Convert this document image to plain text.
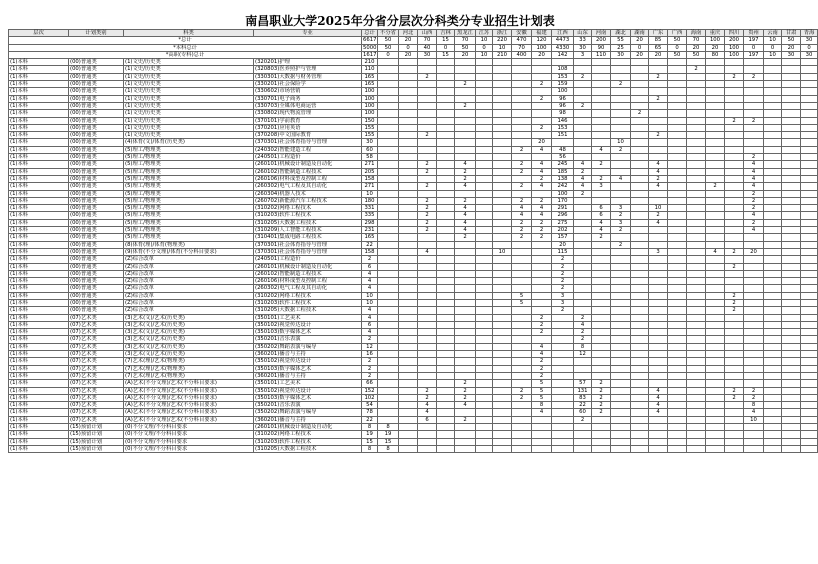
南昌职业大学2025年分省分层次分科类分专业招生计划表
层次	计划类别	科类	专业	总计	不分省	河北	山西	吉林	黑龙江	江苏	浙江	安徽	福建	江西	山东	河南	湖北	湖南	广东	广西	海南	重庆	四川	贵州	云南	甘肃	青海
*总计				6617	50	20	70	15	70	10	220	470	120	4473	33	200	55	20	85	50	70	100	200	197	10	50	30
*本科总计				5000	50	0	40	0	50	0	10	70	100	4330	30	90	25	0	65	0	20	20	100	0	0	20	0
*高职(专科)总计				1617	0	20	30	15	20	10	210	400	20	142	3	110	30	20	20	50	50	80	100	197	10	30	30
(1)本科	(00)普通类	(1)文史/历史类	(320201)护理	210																							
(1)本科	(00)普通类	(1)文史/历史类	(320803)医养照护与管理	110										108							2						
(1)本科	(00)普通类	(1)文史/历史类	(330301)大数据与财务管理	165			2							153	2				2				2	2			
(1)本科	(00)普通类	(1)文史/历史类	(330201)社会保险学	165					2				2	159			2										
(1)本科	(00)普通类	(1)文史/历史类	(330602)市场营销	100										100													
(1)本科	(00)普通类	(1)文史/历史类	(330701)电子商务	100									2	96					2								
(1)本科	(00)普通类	(1)文史/历史类	(330703)全媒体电商运营	100					2					96	2												
(1)本科	(00)普通类	(1)文史/历史类	(330802)现代物流管理	100										98				2									
(1)本科	(00)普通类	(1)文史/历史类	(370101)学前教育	150										146									2	2			
(1)本科	(00)普通类	(1)文史/历史类	(370201)应用英语	155									2	153													
(1)本科	(00)普通类	(1)文史/历史类	(370208)中文国际教育	155			2							151					2								
(1)本科	(00)普通类	(4)体育(文)/体育(历史类)	(370301)社会体育指导与管理	30									20				10										
(1)本科	(00)普通类	(5)理工/物理类	(240302)智能建造工程	60								2	4	48		4	2										
(1)本科	(00)普通类	(5)理工/物理类	(240501)工程造价	58										56										2			
(1)本科	(00)普通类	(5)理工/物理类	(260101)机械设计制造及自动化	271			2		4			2	4	245	4	2			4					4			
(1)本科	(00)普通类	(5)理工/物理类	(260102)智能制造工程技术	205			2		2			2	4	185	2				4					4			
(1)本科	(00)普通类	(5)理工/物理类	(260106)材料成型及控制工程	158					2				2	138	4	2	4		2					4			
(1)本科	(00)普通类	(5)理工/物理类	(260302)电气工程及其自动化	271			2		4			2	4	242	4	3			4			2		4			
(1)本科	(00)普通类	(5)理工/物理类	(260304)机器人技术	10										100	2									2			
(1)本科	(00)普通类	(5)理工/物理类	(260702)新能源汽车工程技术	180			2		2			2	2	170										2			
(1)本科	(00)普通类	(5)理工/物理类	(310202)网络工程技术	331			2		4			4	4	291		6	3		10					2			
(1)本科	(00)普通类	(5)理工/物理类	(310203)软件工程技术	335			2		4			4	4	296		6	2		2					4			
(1)本科	(00)普通类	(5)理工/物理类	(310205)大数据工程技术	298			2		4			2	2	275		4	3		4					2			
(1)本科	(00)普通类	(5)理工/物理类	(310209)人工智能工程技术	231			2		4			2	2	202		4	2							4			
(1)本科	(00)普通类	(5)理工/物理类	(310401)集成电路工程技术	165					2			2	2	157		2											
(1)本科	(00)普通类	(8)体育(理)/体育(物理类)	(370301)社会体育指导与管理	22										20			2										
(1)本科	(00)普通类	(9)体育(不分文理)/体育(不分科目要求)	(370301)社会体育指导与管理	158			4				10			115					3			4	2	20			
(1)本科	(00)普通类	(Z)综合改革	(240501)工程造价	2										2													
(1)本科	(00)普通类	(Z)综合改革	(260101)机械设计制造及自动化	6										2									2				
(1)本科	(00)普通类	(Z)综合改革	(260102)智能制造工程技术	4										2													
(1)本科	(00)普通类	(Z)综合改革	(260106)材料成型及控制工程	4										2													
(1)本科	(00)普通类	(Z)综合改革	(260302)电气工程及其自动化	4										2													
(1)本科	(00)普通类	(Z)综合改革	(310202)网络工程技术	10								5		3									2				
(1)本科	(00)普通类	(Z)综合改革	(310203)软件工程技术	10								5		3									2				
(1)本科	(00)普通类	(Z)综合改革	(310205)大数据工程技术	4										2									2				
(1)本科	(07)艺术类	(3)艺术(文)/艺术(历史类)	(350101)工艺美术	4									2		2												
(1)本科	(07)艺术类	(3)艺术(文)/艺术(历史类)	(350102)视觉传达设计	6									2		4												
(1)本科	(07)艺术类	(3)艺术(文)/艺术(历史类)	(350103)数字媒体艺术	4									2		2												
(1)本科	(07)艺术类	(3)艺术(文)/艺术(历史类)	(350201)音乐表演	2											2												
(1)本科	(07)艺术类	(3)艺术(文)/艺术(历史类)	(350202)舞蹈表演与编导	12									4		8												
(1)本科	(07)艺术类	(3)艺术(文)/艺术(历史类)	(360201)播音与主持	16									4		12												
(1)本科	(07)艺术类	(7)艺术(理)/艺术(物理类)	(350102)视觉传达设计	2									2														
(1)本科	(07)艺术类	(7)艺术(理)/艺术(物理类)	(350103)数字媒体艺术	2									2														
(1)本科	(07)艺术类	(7)艺术(理)/艺术(物理类)	(360201)播音与主持	2									2														
(1)本科	(07)艺术类	(A)艺术(不分文理)/艺术(不分科目要求)	(350101)工艺美术	66					2				5		57	2											
(1)本科	(07)艺术类	(A)艺术(不分文理)/艺术(不分科目要求)	(350102)视觉传达设计	152			2		2			2	5		131	2			4				2	2			
(1)本科	(07)艺术类	(A)艺术(不分文理)/艺术(不分科目要求)	(350103)数字媒体艺术	102			2		2			2	5		83	2			4				2	2			
(1)本科	(07)艺术类	(A)艺术(不分文理)/艺术(不分科目要求)	(350201)音乐表演	54			4		4				8		22	2			4					8			
(1)本科	(07)艺术类	(A)艺术(不分文理)/艺术(不分科目要求)	(350202)舞蹈表演与编导	78			4						4		60	2			4					4			
(1)本科	(07)艺术类	(A)艺术(不分文理)/艺术(不分科目要求)	(360201)播音与主持	22			6		2						2									10			
(1)本科	(15)预留计划	(0)不分文理/不分科目要求	(260101)机械设计制造及自动化	8	8																						
(1)本科	(15)预留计划	(0)不分文理/不分科目要求	(310202)网络工程技术	19	19																						
(1)本科	(15)预留计划	(0)不分文理/不分科目要求	(310203)软件工程技术	15	15																						
(1)本科	(15)预留计划	(0)不分文理/不分科目要求	(310205)大数据工程技术	8	8																						
